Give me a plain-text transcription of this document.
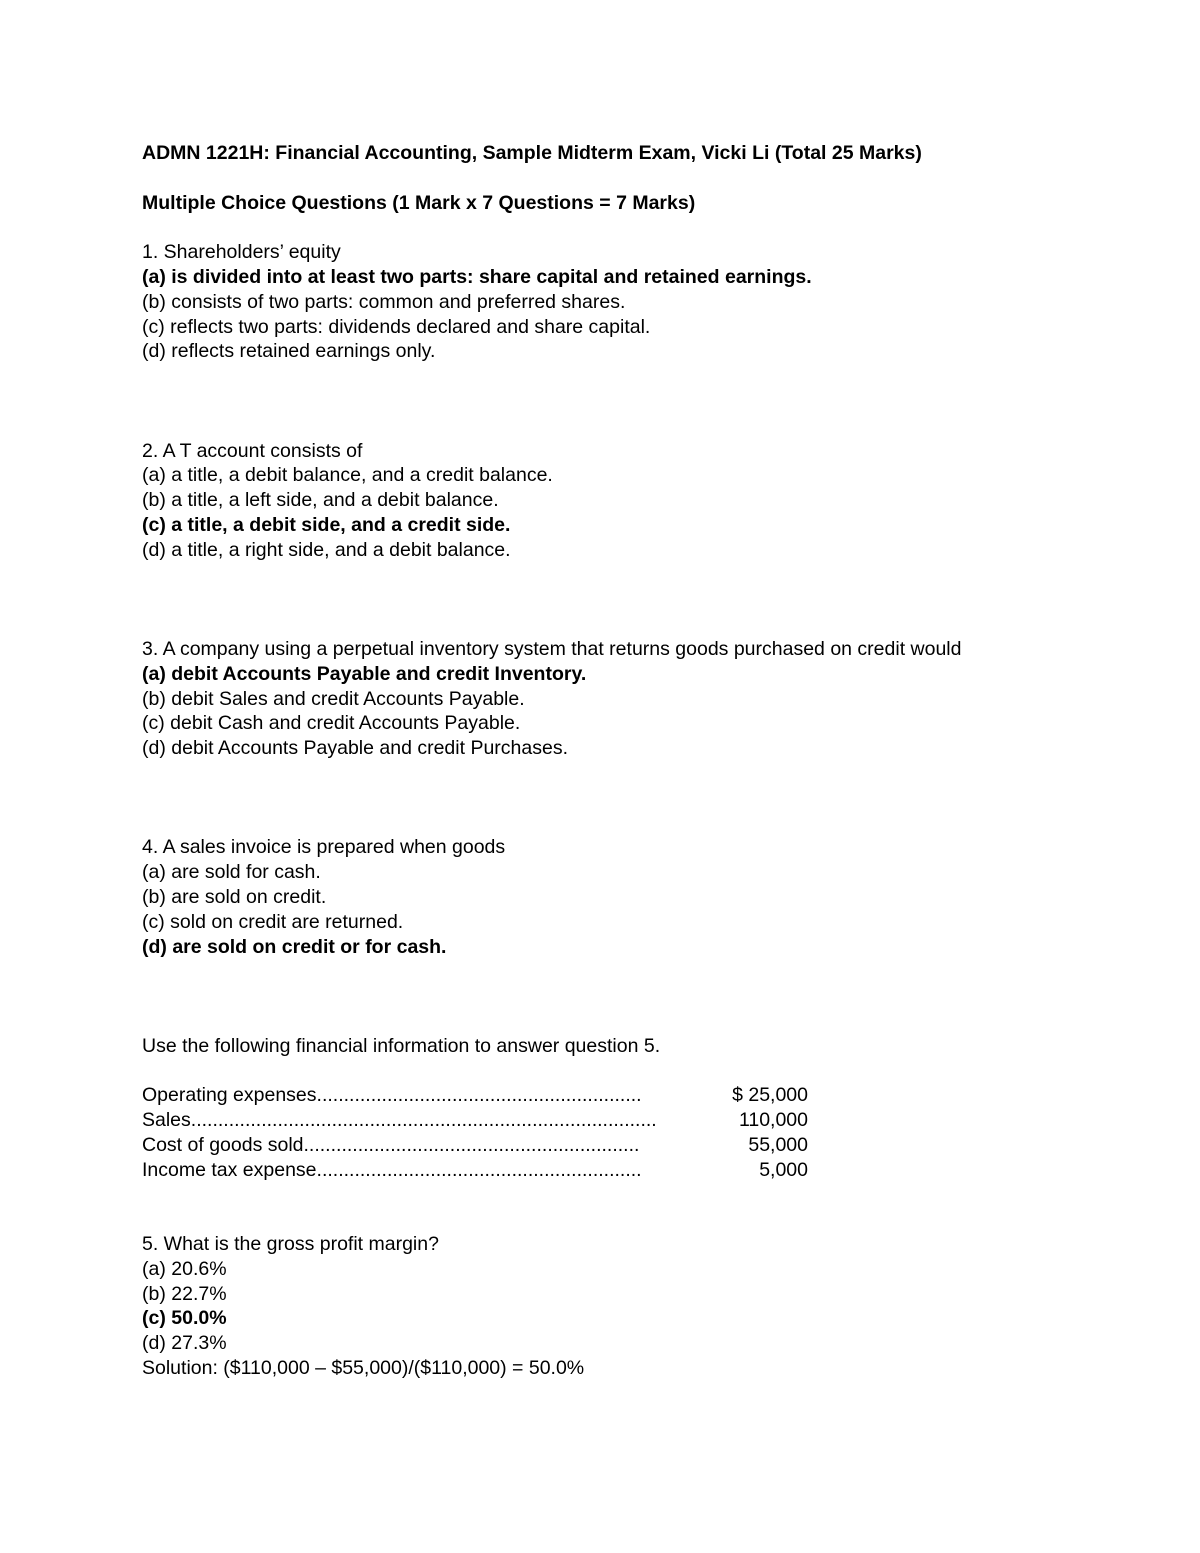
ADMN 1221H: Financial Accounting, Sample Midterm Exam, Vicki Li (Total 25 Marks)
Multiple Choice Questions (1 Mark x 7 Questions = 7 Marks)
1. Shareholders’ equity
(a) is divided into at least two parts: share capital and retained earnings.
(b) consists of two parts: common and preferred shares.
(c) reflects two parts: dividends declared and share capital.
(d) reflects retained earnings only.
2. A T account consists of
(a) a title, a debit balance, and a credit balance.
(b) a title, a left side, and a debit balance.
(c) a title, a debit side, and a credit side.
(d) a title, a right side, and a debit balance.
3. A company using a perpetual inventory system that returns goods purchased on credit would
(a) debit Accounts Payable and credit Inventory.
(b) debit Sales and credit Accounts Payable.
(c) debit Cash and credit Accounts Payable.
(d) debit Accounts Payable and credit Purchases.
4. A sales invoice is prepared when goods
(a) are sold for cash.
(b) are sold on credit.
(c) sold on credit are returned.
(d) are sold on credit or for cash.
Use the following financial information to answer question 5.
Operating expenses............................................................	$ 25,000
Sales......................................................................................	110,000
Cost of goods sold..............................................................	55,000
Income tax expense............................................................	5,000
5. What is the gross profit margin?
(a) 20.6%
(b) 22.7%
(c) 50.0%
(d) 27.3%
Solution: ($110,000 – $55,000)/($110,000) = 50.0%
